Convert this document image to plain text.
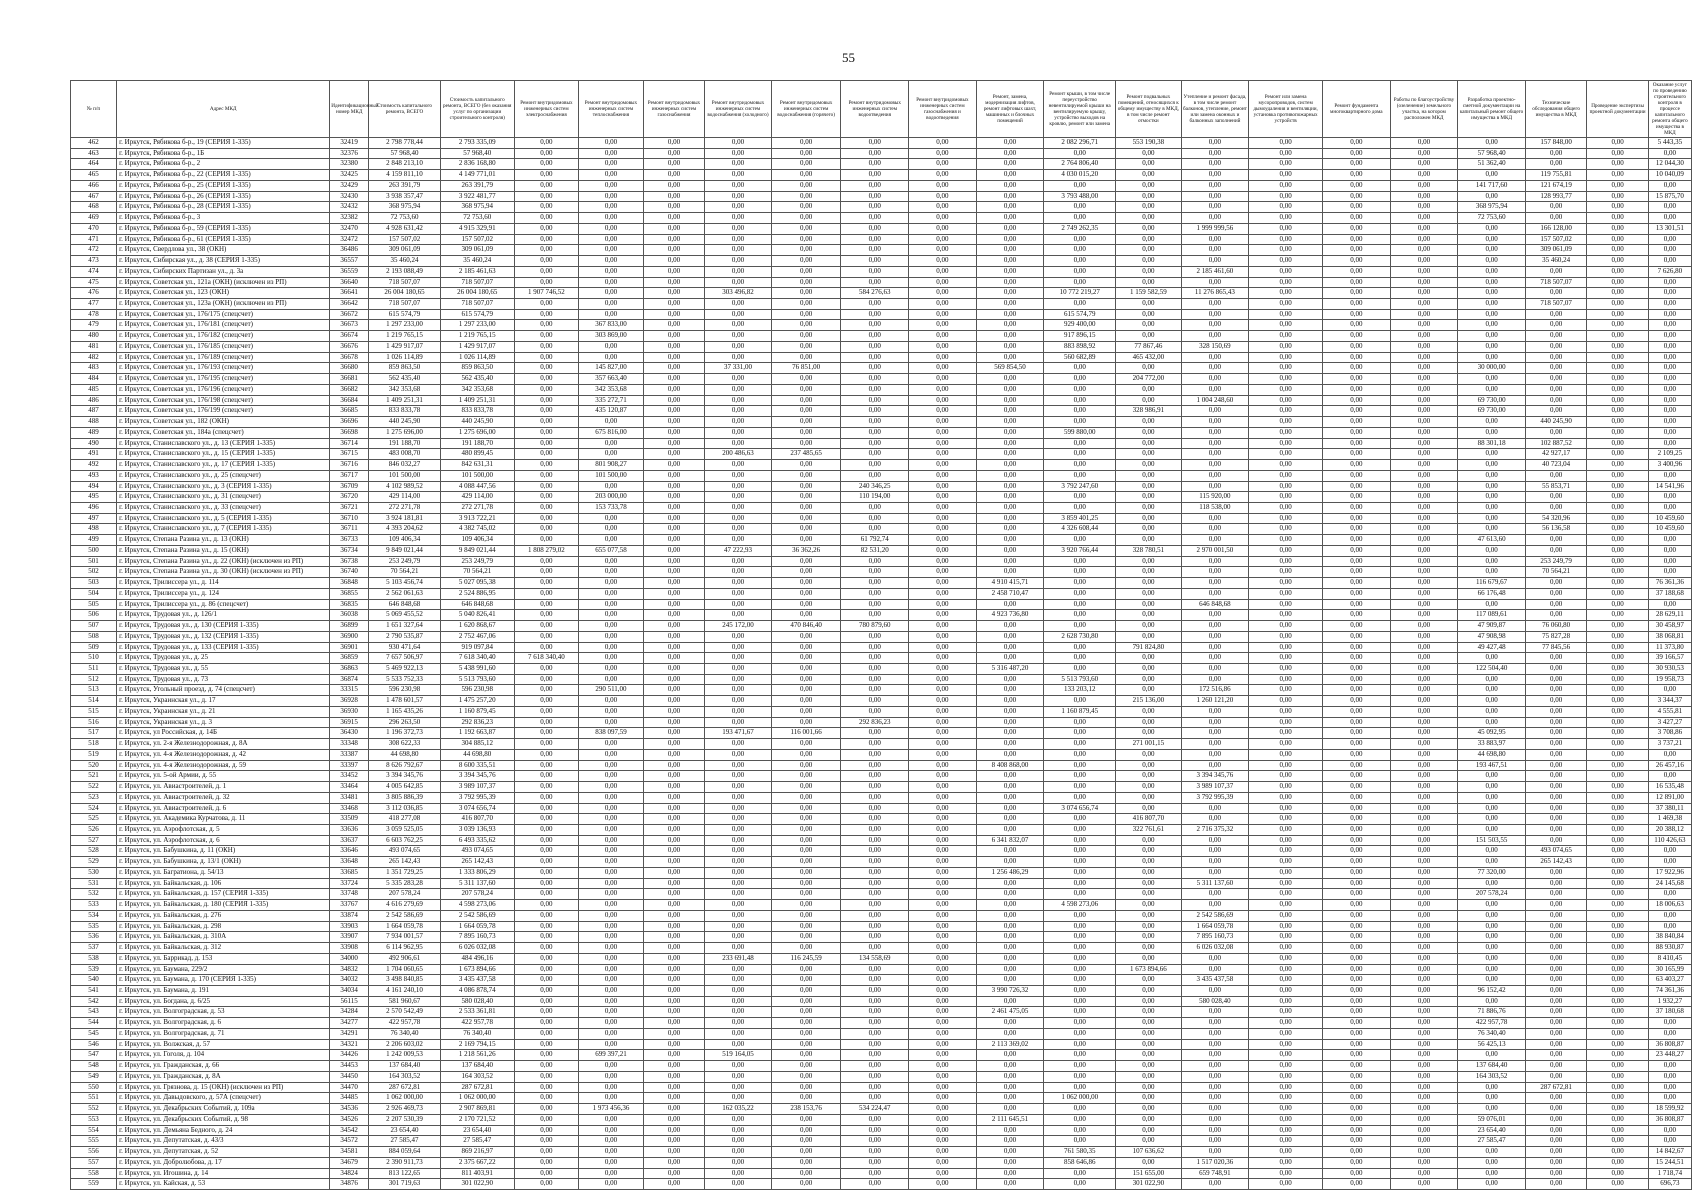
55
№ п/п	Адрес МКД	Идентификационный номер МКД	Стоимость капитального ремонта, ВСЕГО	Стоимость капитального ремонта, ВСЕГО (без оказания услуг по организации строительного контроля)	Ремонт внутридомовых инженерных систем электроснабжения	Ремонт внутридомовых инженерных систем теплоснабжения	Ремонт внутридомовых инженерных систем газоснабжения	Ремонт внутридомовых инженерных систем водоснабжения (холодного)	Ремонт внутридомовых инженерных систем водоснабжения (горячего)	Ремонт внутридомовых инженерных систем водоотведения	Ремонт внутридомовых инженерных систем газоснабжения и водоотведения	Ремонт, замена, модернизация лифтов, ремонт лифтовых шахт, машинных и блочных помещений	Ремонт крыши, в том числе переустройство невентилируемой крыши на вентилируемую крышу, устройство выходов на кровлю, ремонт или замена	Ремонт подвальных помещений, относящихся к общему имуществу в МКД, в том числе ремонт отмостки	Утепление и ремонт фасада, в том числе ремонт балконов, утепление, ремонт или замена оконных и балконных заполнений	Ремонт или замена мусоропроводов, систем дымоудаления и вентиляции, установка противопожарных устройств	Ремонт фундамента многоквартирного дома	Работы по благоустройству (озеленение) земельного участка, на котором расположен МКД	Разработка проектно-сметной документации на капитальный ремонт общего имущества в МКД	Технические обследования общего имущества в МКД	Проведение экспертизы проектной документации	Оказание услуг по проведению строительного контроля в процессе капитального ремонта общего имущества в МКД
462	г. Иркутск, Рябикова б-р., 19 (СЕРИЯ 1-335)	32419	2 798 778,44	2 793 335,09	0,00	0,00	0,00	0,00	0,00	0,00	0,00	0,00	2 082 296,71	553 190,38	0,00	0,00	0,00	0,00	0,00	157 848,00	0,00	5 443,35
463	г. Иркутск, Рябикова б-р., 1Б	32376	57 968,40	57 968,40	0,00	0,00	0,00	0,00	0,00	0,00	0,00	0,00	0,00	0,00	0,00	0,00	0,00	0,00	57 968,40	0,00	0,00	0,00
464	г. Иркутск, Рябикова б-р., 2	32380	2 848 213,10	2 836 168,80	0,00	0,00	0,00	0,00	0,00	0,00	0,00	0,00	2 764 806,40	0,00	0,00	0,00	0,00	0,00	51 362,40	0,00	0,00	12 044,30
465	г. Иркутск, Рябикова б-р., 22 (СЕРИЯ 1-335)	32425	4 159 811,10	4 149 771,01	0,00	0,00	0,00	0,00	0,00	0,00	0,00	0,00	4 030 015,20	0,00	0,00	0,00	0,00	0,00	0,00	119 755,81	0,00	10 040,09
466	г. Иркутск, Рябикова б-р., 25 (СЕРИЯ 1-335)	32429	263 391,79	263 391,79	0,00	0,00	0,00	0,00	0,00	0,00	0,00	0,00	0,00	0,00	0,00	0,00	0,00	0,00	141 717,60	121 674,19	0,00	0,00
467	г. Иркутск, Рябикова б-р., 26 (СЕРИЯ 1-335)	32430	3 938 357,47	3 922 481,77	0,00	0,00	0,00	0,00	0,00	0,00	0,00	0,00	3 793 488,00	0,00	0,00	0,00	0,00	0,00	0,00	128 993,77	0,00	15 875,70
468	г. Иркутск, Рябикова б-р., 28 (СЕРИЯ 1-335)	32432	368 975,94	368 975,94	0,00	0,00	0,00	0,00	0,00	0,00	0,00	0,00	0,00	0,00	0,00	0,00	0,00	0,00	368 975,94	0,00	0,00	0,00
469	г. Иркутск, Рябикова б-р., 3	32382	72 753,60	72 753,60	0,00	0,00	0,00	0,00	0,00	0,00	0,00	0,00	0,00	0,00	0,00	0,00	0,00	0,00	72 753,60	0,00	0,00	0,00
470	г. Иркутск, Рябикова б-р., 59 (СЕРИЯ 1-335)	32470	4 928 631,42	4 915 329,91	0,00	0,00	0,00	0,00	0,00	0,00	0,00	0,00	2 749 262,35	0,00	1 999 999,56	0,00	0,00	0,00	0,00	166 128,00	0,00	13 301,51
471	г. Иркутск, Рябикова б-р., 61 (СЕРИЯ 1-335)	32472	157 507,02	157 507,02	0,00	0,00	0,00	0,00	0,00	0,00	0,00	0,00	0,00	0,00	0,00	0,00	0,00	0,00	0,00	157 507,02	0,00	0,00
472	г. Иркутск, Свердлова ул., 38 (ОКН)	36486	309 061,09	309 061,09	0,00	0,00	0,00	0,00	0,00	0,00	0,00	0,00	0,00	0,00	0,00	0,00	0,00	0,00	0,00	309 061,09	0,00	0,00
473	г. Иркутск, Сибирская ул., д. 38 (СЕРИЯ 1-335)	36557	35 460,24	35 460,24	0,00	0,00	0,00	0,00	0,00	0,00	0,00	0,00	0,00	0,00	0,00	0,00	0,00	0,00	0,00	35 460,24	0,00	0,00
474	г. Иркутск, Сибирских Партизан ул., д. 3а	36559	2 193 088,49	2 185 461,63	0,00	0,00	0,00	0,00	0,00	0,00	0,00	0,00	0,00	0,00	2 185 461,60	0,00	0,00	0,00	0,00	0,00	0,00	7 626,80
475	г. Иркутск, Советская ул., 121а (ОКН) (исключен из РП)	36640	718 507,07	718 507,07	0,00	0,00	0,00	0,00	0,00	0,00	0,00	0,00	0,00	0,00	0,00	0,00	0,00	0,00	0,00	718 507,07	0,00	0,00
476	г. Иркутск, Советская ул., 123 (ОКН)	36641	26 004 180,65	26 004 180,65	1 907 746,52	0,00	0,00	303 496,82	0,00	584 276,63	0,00	0,00	10 772 219,27	1 159 582,59	11 276 865,43	0,00	0,00	0,00	0,00	0,00	0,00	0,00
477	г. Иркутск, Советская ул., 123а (ОКН) (исключен из РП)	36642	718 507,07	718 507,07	0,00	0,00	0,00	0,00	0,00	0,00	0,00	0,00	0,00	0,00	0,00	0,00	0,00	0,00	0,00	718 507,07	0,00	0,00
478	г. Иркутск, Советская ул., 176/175 (спецсчет)	36672	615 574,79	615 574,79	0,00	0,00	0,00	0,00	0,00	0,00	0,00	0,00	615 574,79	0,00	0,00	0,00	0,00	0,00	0,00	0,00	0,00	0,00
479	г. Иркутск, Советская ул., 176/181 (спецсчет)	36673	1 297 233,00	1 297 233,00	0,00	367 833,00	0,00	0,00	0,00	0,00	0,00	0,00	929 400,00	0,00	0,00	0,00	0,00	0,00	0,00	0,00	0,00	0,00
480	г. Иркутск, Советская ул., 176/182 (спецсчет)	36674	1 219 765,15	1 219 765,15	0,00	303 869,00	0,00	0,00	0,00	0,00	0,00	0,00	917 896,15	0,00	0,00	0,00	0,00	0,00	0,00	0,00	0,00	0,00
481	г. Иркутск, Советская ул., 176/185 (спецсчет)	36676	1 429 917,07	1 429 917,07	0,00	0,00	0,00	0,00	0,00	0,00	0,00	0,00	883 898,92	77 867,46	328 150,69	0,00	0,00	0,00	0,00	0,00	0,00	0,00
482	г. Иркутск, Советская ул., 176/189 (спецсчет)	36678	1 026 114,89	1 026 114,89	0,00	0,00	0,00	0,00	0,00	0,00	0,00	0,00	560 682,89	465 432,00	0,00	0,00	0,00	0,00	0,00	0,00	0,00	0,00
483	г. Иркутск, Советская ул., 176/193 (спецсчет)	36680	859 863,50	859 863,50	0,00	145 827,00	0,00	37 331,00	76 851,00	0,00	0,00	569 854,50	0,00	0,00	0,00	0,00	0,00	0,00	30 000,00	0,00	0,00	0,00
484	г. Иркутск, Советская ул., 176/195 (спецсчет)	36681	562 435,40	562 435,40	0,00	357 663,40	0,00	0,00	0,00	0,00	0,00	0,00	0,00	204 772,00	0,00	0,00	0,00	0,00	0,00	0,00	0,00	0,00
485	г. Иркутск, Советская ул., 176/196 (спецсчет)	36682	342 353,68	342 353,68	0,00	342 353,68	0,00	0,00	0,00	0,00	0,00	0,00	0,00	0,00	0,00	0,00	0,00	0,00	0,00	0,00	0,00	0,00
486	г. Иркутск, Советская ул., 176/198 (спецсчет)	36684	1 409 251,31	1 409 251,31	0,00	335 272,71	0,00	0,00	0,00	0,00	0,00	0,00	0,00	0,00	1 004 248,60	0,00	0,00	0,00	69 730,00	0,00	0,00	0,00
487	г. Иркутск, Советская ул., 176/199 (спецсчет)	36685	833 833,78	833 833,78	0,00	435 120,87	0,00	0,00	0,00	0,00	0,00	0,00	0,00	328 986,91	0,00	0,00	0,00	0,00	69 730,00	0,00	0,00	0,00
488	г. Иркутск, Советская ул., 182 (ОКН)	36696	440 245,90	440 245,90	0,00	0,00	0,00	0,00	0,00	0,00	0,00	0,00	0,00	0,00	0,00	0,00	0,00	0,00	0,00	440 245,90	0,00	0,00
489	г. Иркутск, Советская ул., 184а (спецсчет)	36698	1 275 696,00	1 275 696,00	0,00	675 816,00	0,00	0,00	0,00	0,00	0,00	0,00	599 880,00	0,00	0,00	0,00	0,00	0,00	0,00	0,00	0,00	0,00
490	г. Иркутск, Станиславского ул., д. 13 (СЕРИЯ 1-335)	36714	191 188,70	191 188,70	0,00	0,00	0,00	0,00	0,00	0,00	0,00	0,00	0,00	0,00	0,00	0,00	0,00	0,00	88 301,18	102 887,52	0,00	0,00
491	г. Иркутск, Станиславского ул., д. 15 (СЕРИЯ 1-335)	36715	483 008,70	480 899,45	0,00	0,00	0,00	200 486,63	237 485,65	0,00	0,00	0,00	0,00	0,00	0,00	0,00	0,00	0,00	0,00	42 927,17	0,00	2 109,25
492	г. Иркутск, Станиславского ул., д. 17 (СЕРИЯ 1-335)	36716	846 032,27	842 631,31	0,00	801 908,27	0,00	0,00	0,00	0,00	0,00	0,00	0,00	0,00	0,00	0,00	0,00	0,00	0,00	40 723,04	0,00	3 400,96
493	г. Иркутск, Станиславского ул., д. 25 (спецсчет)	36717	101 500,00	101 500,00	0,00	101 500,00	0,00	0,00	0,00	0,00	0,00	0,00	0,00	0,00	0,00	0,00	0,00	0,00	0,00	0,00	0,00	0,00
494	г. Иркутск, Станиславского ул., д. 3 (СЕРИЯ 1-335)	36709	4 102 989,52	4 088 447,56	0,00	0,00	0,00	0,00	0,00	240 346,25	0,00	0,00	3 792 247,60	0,00	0,00	0,00	0,00	0,00	0,00	55 853,71	0,00	14 541,96
495	г. Иркутск, Станиславского ул., д. 31 (спецсчет)	36720	429 114,00	429 114,00	0,00	203 000,00	0,00	0,00	0,00	110 194,00	0,00	0,00	0,00	0,00	115 920,00	0,00	0,00	0,00	0,00	0,00	0,00	0,00
496	г. Иркутск, Станиславского ул., д. 33 (спецсчет)	36721	272 271,78	272 271,78	0,00	153 733,78	0,00	0,00	0,00	0,00	0,00	0,00	0,00	0,00	118 538,00	0,00	0,00	0,00	0,00	0,00	0,00	0,00
497	г. Иркутск, Станиславского ул., д. 5 (СЕРИЯ 1-335)	36710	3 924 181,81	3 913 722,21	0,00	0,00	0,00	0,00	0,00	0,00	0,00	0,00	3 859 401,25	0,00	0,00	0,00	0,00	0,00	0,00	54 320,96	0,00	10 459,60
498	г. Иркутск, Станиславского ул., д. 7 (СЕРИЯ 1-335)	36711	4 393 204,62	4 382 745,02	0,00	0,00	0,00	0,00	0,00	0,00	0,00	0,00	4 326 608,44	0,00	0,00	0,00	0,00	0,00	0,00	56 136,58	0,00	10 459,60
499	г. Иркутск, Степана Разина ул., д. 13 (ОКН)	36733	109 406,34	109 406,34	0,00	0,00	0,00	0,00	0,00	61 792,74	0,00	0,00	0,00	0,00	0,00	0,00	0,00	0,00	47 613,60	0,00	0,00	0,00
500	г. Иркутск, Степана Разина ул., д. 15 (ОКН)	36734	9 849 021,44	9 849 021,44	1 808 279,02	655 077,58	0,00	47 222,93	36 362,26	82 531,20	0,00	0,00	3 920 766,44	328 780,51	2 970 001,50	0,00	0,00	0,00	0,00	0,00	0,00	0,00
501	г. Иркутск, Степана Разина ул., д. 22 (ОКН) (исключен из РП)	36738	253 249,79	253 249,79	0,00	0,00	0,00	0,00	0,00	0,00	0,00	0,00	0,00	0,00	0,00	0,00	0,00	0,00	0,00	253 249,79	0,00	0,00
502	г. Иркутск, Степана Разина ул., д. 30 (ОКН) (исключен из РП)	36740	70 564,21	70 564,21	0,00	0,00	0,00	0,00	0,00	0,00	0,00	0,00	0,00	0,00	0,00	0,00	0,00	0,00	0,00	70 564,21	0,00	0,00
503	г. Иркутск, Трилиссера ул., д. 114	36848	5 103 456,74	5 027 095,38	0,00	0,00	0,00	0,00	0,00	0,00	0,00	4 910 415,71	0,00	0,00	0,00	0,00	0,00	0,00	116 679,67	0,00	0,00	76 361,36
504	г. Иркутск, Трилиссера ул., д. 124	36855	2 562 061,63	2 524 886,95	0,00	0,00	0,00	0,00	0,00	0,00	0,00	2 458 710,47	0,00	0,00	0,00	0,00	0,00	0,00	66 176,48	0,00	0,00	37 188,68
505	г. Иркутск, Трилиссера ул., д. 86 (спецсчет)	36835	646 848,68	646 848,68	0,00	0,00	0,00	0,00	0,00	0,00	0,00	0,00	0,00	0,00	646 848,68	0,00	0,00	0,00	0,00	0,00	0,00	0,00
506	г. Иркутск, Трудовая ул., д. 126/1	36038	5 069 455,52	5 040 826,41	0,00	0,00	0,00	0,00	0,00	0,00	0,00	4 923 736,80	0,00	0,00	0,00	0,00	0,00	0,00	117 089,61	0,00	0,00	28 629,11
507	г. Иркутск, Трудовая ул., д. 130 (СЕРИЯ 1-335)	36899	1 651 327,64	1 620 868,67	0,00	0,00	0,00	245 172,00	470 846,40	780 879,60	0,00	0,00	0,00	0,00	0,00	0,00	0,00	0,00	47 909,87	76 060,80	0,00	30 458,97
508	г. Иркутск, Трудовая ул., д. 132 (СЕРИЯ 1-335)	36900	2 790 535,87	2 752 467,06	0,00	0,00	0,00	0,00	0,00	0,00	0,00	0,00	2 628 730,80	0,00	0,00	0,00	0,00	0,00	47 908,98	75 827,28	0,00	38 068,81
509	г. Иркутск, Трудовая ул., д. 133 (СЕРИЯ 1-335)	36901	930 471,64	919 097,84	0,00	0,00	0,00	0,00	0,00	0,00	0,00	0,00	0,00	791 824,80	0,00	0,00	0,00	0,00	49 427,48	77 845,56	0,00	11 373,80
510	г. Иркутск, Трудовая ул., д. 25	36859	7 657 506,97	7 618 340,40	7 618 340,40	0,00	0,00	0,00	0,00	0,00	0,00	0,00	0,00	0,00	0,00	0,00	0,00	0,00	0,00	0,00	0,00	39 166,57
511	г. Иркутск, Трудовая ул., д. 55	36863	5 469 922,13	5 438 991,60	0,00	0,00	0,00	0,00	0,00	0,00	0,00	5 316 487,20	0,00	0,00	0,00	0,00	0,00	0,00	122 504,40	0,00	0,00	30 930,53
512	г. Иркутск, Трудовая ул., д. 73	36874	5 533 752,33	5 513 793,60	0,00	0,00	0,00	0,00	0,00	0,00	0,00	0,00	5 513 793,60	0,00	0,00	0,00	0,00	0,00	0,00	0,00	0,00	19 958,73
513	г. Иркутск, Угольный проезд, д. 74 (спецсчет)	33315	596 230,98	596 230,98	0,00	290 511,00	0,00	0,00	0,00	0,00	0,00	0,00	133 203,12	0,00	172 516,86	0,00	0,00	0,00	0,00	0,00	0,00	0,00
514	г. Иркутск, Украинская ул., д. 17	36928	1 478 601,57	1 475 257,20	0,00	0,00	0,00	0,00	0,00	0,00	0,00	0,00	0,00	215 136,00	1 260 121,20	0,00	0,00	0,00	0,00	0,00	0,00	3 344,37
515	г. Иркутск, Украинская ул., д. 21	36930	1 165 435,26	1 160 879,45	0,00	0,00	0,00	0,00	0,00	0,00	0,00	0,00	1 160 879,45	0,00	0,00	0,00	0,00	0,00	0,00	0,00	0,00	4 555,81
516	г. Иркутск, Украинская ул., д. 3	36915	296 263,50	292 836,23	0,00	0,00	0,00	0,00	0,00	292 836,23	0,00	0,00	0,00	0,00	0,00	0,00	0,00	0,00	0,00	0,00	0,00	3 427,27
517	г. Иркутск, ул Российская, д. 14Б	36430	1 196 372,73	1 192 663,87	0,00	838 097,59	0,00	193 471,67	116 001,66	0,00	0,00	0,00	0,00	0,00	0,00	0,00	0,00	0,00	45 092,95	0,00	0,00	3 708,86
518	г. Иркутск, ул. 2-я Железнодорожная, д. 8А	33348	308 622,33	304 885,12	0,00	0,00	0,00	0,00	0,00	0,00	0,00	0,00	0,00	271 001,15	0,00	0,00	0,00	0,00	33 883,97	0,00	0,00	3 737,21
519	г. Иркутск, ул. 4-я Железнодорожная, д. 42	33387	44 698,80	44 698,80	0,00	0,00	0,00	0,00	0,00	0,00	0,00	0,00	0,00	0,00	0,00	0,00	0,00	0,00	44 698,80	0,00	0,00	0,00
520	г. Иркутск, ул. 4-я Железнодорожная, д. 59	33397	8 626 792,67	8 600 335,51	0,00	0,00	0,00	0,00	0,00	0,00	0,00	8 408 868,00	0,00	0,00	0,00	0,00	0,00	0,00	193 467,51	0,00	0,00	26 457,16
521	г. Иркутск, ул. 5-ой Армии, д. 55	33452	3 394 345,76	3 394 345,76	0,00	0,00	0,00	0,00	0,00	0,00	0,00	0,00	0,00	0,00	3 394 345,76	0,00	0,00	0,00	0,00	0,00	0,00	0,00
522	г. Иркутск, ул. Авиастроителей, д. 1	33464	4 005 642,85	3 989 107,37	0,00	0,00	0,00	0,00	0,00	0,00	0,00	0,00	0,00	0,00	3 989 107,37	0,00	0,00	0,00	0,00	0,00	0,00	16 535,48
523	г. Иркутск, ул. Авиастроителей, д. 32	33481	3 805 886,39	3 792 995,39	0,00	0,00	0,00	0,00	0,00	0,00	0,00	0,00	0,00	0,00	3 792 995,39	0,00	0,00	0,00	0,00	0,00	0,00	12 891,00
524	г. Иркутск, ул. Авиастроителей, д. 6	33468	3 112 036,85	3 074 656,74	0,00	0,00	0,00	0,00	0,00	0,00	0,00	0,00	3 074 656,74	0,00	0,00	0,00	0,00	0,00	0,00	0,00	0,00	37 380,11
525	г. Иркутск, ул. Академика Курчатова, д. 11	33509	418 277,08	416 807,70	0,00	0,00	0,00	0,00	0,00	0,00	0,00	0,00	0,00	416 807,70	0,00	0,00	0,00	0,00	0,00	0,00	0,00	1 469,38
526	г. Иркутск, ул. Аэрофлотская, д. 5	33636	3 059 525,05	3 039 136,93	0,00	0,00	0,00	0,00	0,00	0,00	0,00	0,00	0,00	322 761,61	2 716 375,32	0,00	0,00	0,00	0,00	0,00	0,00	20 388,12
527	г. Иркутск, ул. Аэрофлотская, д. 6	33637	6 603 762,25	6 493 335,62	0,00	0,00	0,00	0,00	0,00	0,00	0,00	6 341 832,07	0,00	0,00	0,00	0,00	0,00	0,00	151 503,55	0,00	0,00	110 426,63
528	г. Иркутск, ул. Бабушкина, д. 11 (ОКН)	33646	493 074,65	493 074,65	0,00	0,00	0,00	0,00	0,00	0,00	0,00	0,00	0,00	0,00	0,00	0,00	0,00	0,00	0,00	493 074,65	0,00	0,00
529	г. Иркутск, ул. Бабушкина, д. 13/1 (ОКН)	33648	265 142,43	265 142,43	0,00	0,00	0,00	0,00	0,00	0,00	0,00	0,00	0,00	0,00	0,00	0,00	0,00	0,00	0,00	265 142,43	0,00	0,00
530	г. Иркутск, ул. Багратиона, д. 54/13	33685	1 351 729,25	1 333 806,29	0,00	0,00	0,00	0,00	0,00	0,00	0,00	1 256 486,29	0,00	0,00	0,00	0,00	0,00	0,00	77 320,00	0,00	0,00	17 922,96
531	г. Иркутск, ул. Байкальская, д. 106	33724	5 335 283,28	5 311 137,60	0,00	0,00	0,00	0,00	0,00	0,00	0,00	0,00	0,00	0,00	5 311 137,60	0,00	0,00	0,00	0,00	0,00	0,00	24 145,68
532	г. Иркутск, ул. Байкальская, д. 157 (СЕРИЯ 1-335)	33748	207 578,24	207 578,24	0,00	0,00	0,00	0,00	0,00	0,00	0,00	0,00	0,00	0,00	0,00	0,00	0,00	0,00	207 578,24	0,00	0,00	0,00
533	г. Иркутск, ул. Байкальская, д. 180 (СЕРИЯ 1-335)	33767	4 616 279,69	4 598 273,06	0,00	0,00	0,00	0,00	0,00	0,00	0,00	0,00	4 598 273,06	0,00	0,00	0,00	0,00	0,00	0,00	0,00	0,00	18 006,63
534	г. Иркутск, ул. Байкальская, д. 276	33874	2 542 586,69	2 542 586,69	0,00	0,00	0,00	0,00	0,00	0,00	0,00	0,00	0,00	0,00	2 542 586,69	0,00	0,00	0,00	0,00	0,00	0,00	0,00
535	г. Иркутск, ул. Байкальская, д. 298	33903	1 664 059,78	1 664 059,78	0,00	0,00	0,00	0,00	0,00	0,00	0,00	0,00	0,00	0,00	1 664 059,78	0,00	0,00	0,00	0,00	0,00	0,00	0,00
536	г. Иркутск, ул. Байкальская, д. 310А	33907	7 934 001,57	7 895 160,73	0,00	0,00	0,00	0,00	0,00	0,00	0,00	0,00	0,00	0,00	7 895 160,73	0,00	0,00	0,00	0,00	0,00	0,00	38 840,84
537	г. Иркутск, ул. Байкальская, д. 312	33908	6 114 962,95	6 026 032,08	0,00	0,00	0,00	0,00	0,00	0,00	0,00	0,00	0,00	0,00	6 026 032,08	0,00	0,00	0,00	0,00	0,00	0,00	88 930,87
538	г. Иркутск, ул. Баррикад, д. 153	34000	492 906,61	484 496,16	0,00	0,00	0,00	233 691,48	116 245,59	134 558,69	0,00	0,00	0,00	0,00	0,00	0,00	0,00	0,00	0,00	0,00	0,00	8 410,45
539	г. Иркутск, ул. Баумана, 229/2	34832	1 704 060,65	1 673 894,66	0,00	0,00	0,00	0,00	0,00	0,00	0,00	0,00	0,00	1 673 894,66	0,00	0,00	0,00	0,00	0,00	0,00	0,00	30 165,99
540	г. Иркутск, ул. Баумана, д. 170 (СЕРИЯ 1-335)	34032	3 498 840,85	3 435 437,58	0,00	0,00	0,00	0,00	0,00	0,00	0,00	0,00	0,00	0,00	3 435 437,58	0,00	0,00	0,00	0,00	0,00	0,00	63 403,27
541	г. Иркутск, ул. Баумана, д. 191	34034	4 161 240,10	4 086 878,74	0,00	0,00	0,00	0,00	0,00	0,00	0,00	3 990 726,32	0,00	0,00	0,00	0,00	0,00	0,00	96 152,42	0,00	0,00	74 361,36
542	г. Иркутск, ул. Богдана, д. 6/25	56115	581 960,67	580 028,40	0,00	0,00	0,00	0,00	0,00	0,00	0,00	0,00	0,00	0,00	580 028,40	0,00	0,00	0,00	0,00	0,00	0,00	1 932,27
543	г. Иркутск, ул. Волгоградская, д. 53	34284	2 570 542,49	2 533 361,81	0,00	0,00	0,00	0,00	0,00	0,00	0,00	2 461 475,05	0,00	0,00	0,00	0,00	0,00	0,00	71 886,76	0,00	0,00	37 180,68
544	г. Иркутск, ул. Волгоградская, д. 6	34277	422 957,78	422 957,78	0,00	0,00	0,00	0,00	0,00	0,00	0,00	0,00	0,00	0,00	0,00	0,00	0,00	0,00	422 957,78	0,00	0,00	0,00
545	г. Иркутск, ул. Волгоградская, д. 71	34291	76 340,40	76 340,40	0,00	0,00	0,00	0,00	0,00	0,00	0,00	0,00	0,00	0,00	0,00	0,00	0,00	0,00	76 340,40	0,00	0,00	0,00
546	г. Иркутск, ул. Волжская, д. 57	34321	2 206 603,02	2 169 794,15	0,00	0,00	0,00	0,00	0,00	0,00	0,00	2 113 369,02	0,00	0,00	0,00	0,00	0,00	0,00	56 425,13	0,00	0,00	36 808,87
547	г. Иркутск, ул. Гоголя, д. 104	34426	1 242 009,53	1 218 561,26	0,00	699 397,21	0,00	519 164,05	0,00	0,00	0,00	0,00	0,00	0,00	0,00	0,00	0,00	0,00	0,00	0,00	0,00	23 448,27
548	г. Иркутск, ул. Гражданская, д. 66	34453	137 684,40	137 684,40	0,00	0,00	0,00	0,00	0,00	0,00	0,00	0,00	0,00	0,00	0,00	0,00	0,00	0,00	137 684,40	0,00	0,00	0,00
549	г. Иркутск, ул. Гражданская, д. 8А	34450	164 303,52	164 303,52	0,00	0,00	0,00	0,00	0,00	0,00	0,00	0,00	0,00	0,00	0,00	0,00	0,00	0,00	164 303,52	0,00	0,00	0,00
550	г. Иркутск, ул. Грязнова, д. 15 (ОКН) (исключен из РП)	34470	287 672,81	287 672,81	0,00	0,00	0,00	0,00	0,00	0,00	0,00	0,00	0,00	0,00	0,00	0,00	0,00	0,00	0,00	287 672,81	0,00	0,00
551	г. Иркутск, ул. Давыдовского, д. 57А (спецсчет)	34485	1 062 000,00	1 062 000,00	0,00	0,00	0,00	0,00	0,00	0,00	0,00	0,00	1 062 000,00	0,00	0,00	0,00	0,00	0,00	0,00	0,00	0,00	0,00
552	г. Иркутск, ул. Декабрьских Событий, д. 109а	34536	2 926 469,73	2 907 869,81	0,00	1 973 456,36	0,00	162 035,22	238 153,76	534 224,47	0,00	0,00	0,00	0,00	0,00	0,00	0,00	0,00	0,00	0,00	0,00	18 599,92
553	г. Иркутск, ул. Декабрьских Событий, д. 98	34526	2 207 530,39	2 170 721,52	0,00	0,00	0,00	0,00	0,00	0,00	0,00	2 111 645,51	0,00	0,00	0,00	0,00	0,00	0,00	59 076,01	0,00	0,00	36 808,87
554	г. Иркутск, ул. Демьяна Бедного, д. 24	34542	23 654,40	23 654,40	0,00	0,00	0,00	0,00	0,00	0,00	0,00	0,00	0,00	0,00	0,00	0,00	0,00	0,00	23 654,40	0,00	0,00	0,00
555	г. Иркутск, ул. Депутатская, д. 43/3	34572	27 585,47	27 585,47	0,00	0,00	0,00	0,00	0,00	0,00	0,00	0,00	0,00	0,00	0,00	0,00	0,00	0,00	27 585,47	0,00	0,00	0,00
556	г. Иркутск, ул. Депутатская, д. 52	34581	884 059,64	869 216,97	0,00	0,00	0,00	0,00	0,00	0,00	0,00	0,00	761 580,35	107 636,62	0,00	0,00	0,00	0,00	0,00	0,00	0,00	14 842,67
557	г. Иркутск, ул. Добролюбова, д. 17	34679	2 390 911,73	2 375 667,22	0,00	0,00	0,00	0,00	0,00	0,00	0,00	0,00	858 646,86	0,00	1 517 020,36	0,00	0,00	0,00	0,00	0,00	0,00	15 244,51
558	г. Иркутск, ул. Игошина, д. 14	34824	813 122,65	811 403,91	0,00	0,00	0,00	0,00	0,00	0,00	0,00	0,00	0,00	151 655,00	659 748,91	0,00	0,00	0,00	0,00	0,00	0,00	1 718,74
559	г. Иркутск, ул. Кайская, д. 53	34876	301 719,63	301 022,90	0,00	0,00	0,00	0,00	0,00	0,00	0,00	0,00	0,00	301 022,90	0,00	0,00	0,00	0,00	0,00	0,00	0,00	696,73
